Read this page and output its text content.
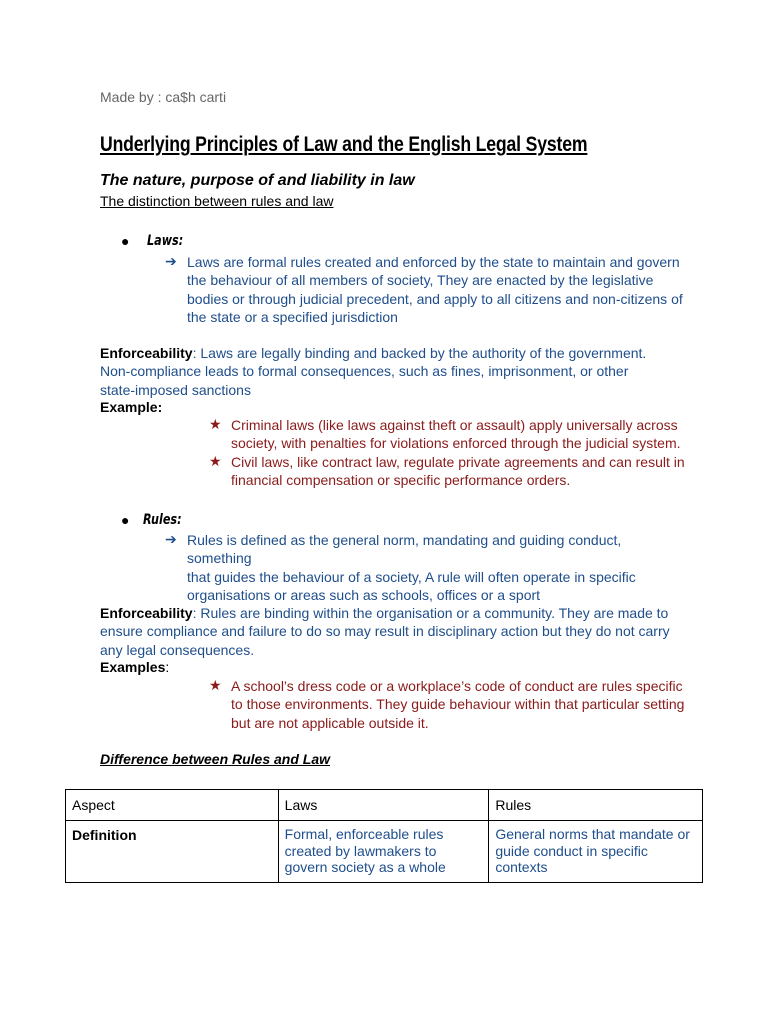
Made by : ca$h carti
Underlying Principles of Law and the English Legal System
The nature, purpose of and liability in law
The distinction between rules and law
● Laws:
➔ Laws are formal rules created and enforced by the state to maintain and govern
the behaviour of all members of society, They are enacted by the legislative
bodies or through judicial precedent, and apply to all citizens and non-citizens of
the state or a specified jurisdiction
Enforceability: Laws are legally binding and backed by the authority of the government.
Non-compliance leads to formal consequences, such as fines, imprisonment, or other
state-imposed sanctions
Example:
★ Criminal laws (like laws against theft or assault) apply universally across
society, with penalties for violations enforced through the judicial system.
★ Civil laws, like contract law, regulate private agreements and can result in
financial compensation or specific performance orders.
● Rules:
➔ Rules is defined as the general norm, mandating and guiding conduct, something
that guides the behaviour of a society, A rule will often operate in specific
organisations or areas such as schools, offices or a sport
Enforceability: Rules are binding within the organisation or a community. They are made to
ensure compliance and failure to do so may result in disciplinary action but they do not carry
any legal consequences.
Examples:
★ A school’s dress code or a workplace’s code of conduct are rules specific
to those environments. They guide behaviour within that particular setting
but are not applicable outside it.
Difference between Rules and Law
Aspect	Laws	Rules
Definition	Formal, enforceable rules created by lawmakers to govern society as a whole	General norms that mandate or guide conduct in specific contexts
